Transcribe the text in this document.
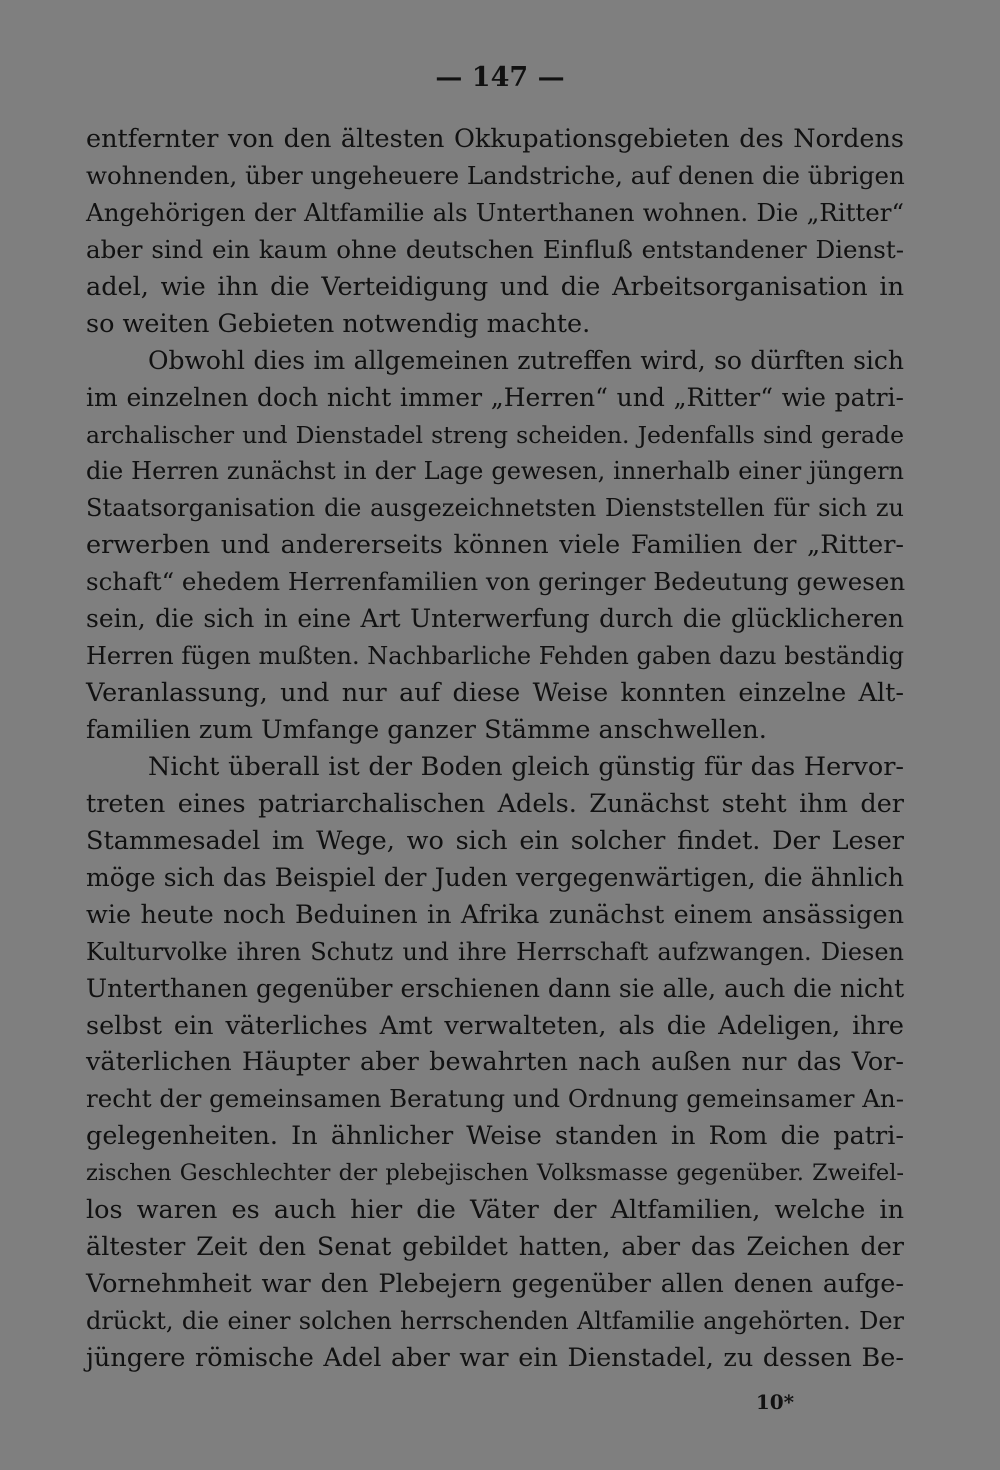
— 147 —
entfernter von den ältesten Okkupationsgebieten des Nordens
wohnenden, über ungeheuere Landstriche, auf denen die übrigen
Angehörigen der Altfamilie als Unterthanen wohnen. Die „Ritter“
aber sind ein kaum ohne deutschen Einfluß entstandener Dienst-
adel, wie ihn die Verteidigung und die Arbeitsorganisation in
so weiten Gebieten notwendig machte.
Obwohl dies im allgemeinen zutreffen wird, so dürften sich
im einzelnen doch nicht immer „Herren“ und „Ritter“ wie patri-
archalischer und Dienstadel streng scheiden. Jedenfalls sind gerade
die Herren zunächst in der Lage gewesen, innerhalb einer jüngern
Staatsorganisation die ausgezeichnetsten Dienststellen für sich zu
erwerben und andererseits können viele Familien der „Ritter-
schaft“ ehedem Herrenfamilien von geringer Bedeutung gewesen
sein, die sich in eine Art Unterwerfung durch die glücklicheren
Herren fügen mußten. Nachbarliche Fehden gaben dazu beständig
Veranlassung, und nur auf diese Weise konnten einzelne Alt-
familien zum Umfange ganzer Stämme anschwellen.
Nicht überall ist der Boden gleich günstig für das Hervor-
treten eines patriarchalischen Adels. Zunächst steht ihm der
Stammesadel im Wege, wo sich ein solcher findet. Der Leser
möge sich das Beispiel der Juden vergegenwärtigen, die ähnlich
wie heute noch Beduinen in Afrika zunächst einem ansässigen
Kulturvolke ihren Schutz und ihre Herrschaft aufzwangen. Diesen
Unterthanen gegenüber erschienen dann sie alle, auch die nicht
selbst ein väterliches Amt verwalteten, als die Adeligen, ihre
väterlichen Häupter aber bewahrten nach außen nur das Vor-
recht der gemeinsamen Beratung und Ordnung gemeinsamer An-
gelegenheiten. In ähnlicher Weise standen in Rom die patri-
zischen Geschlechter der plebejischen Volksmasse gegenüber. Zweifel-
los waren es auch hier die Väter der Altfamilien, welche in
ältester Zeit den Senat gebildet hatten, aber das Zeichen der
Vornehmheit war den Plebejern gegenüber allen denen aufge-
drückt, die einer solchen herrschenden Altfamilie angehörten. Der
jüngere römische Adel aber war ein Dienstadel, zu dessen Be-
10*
